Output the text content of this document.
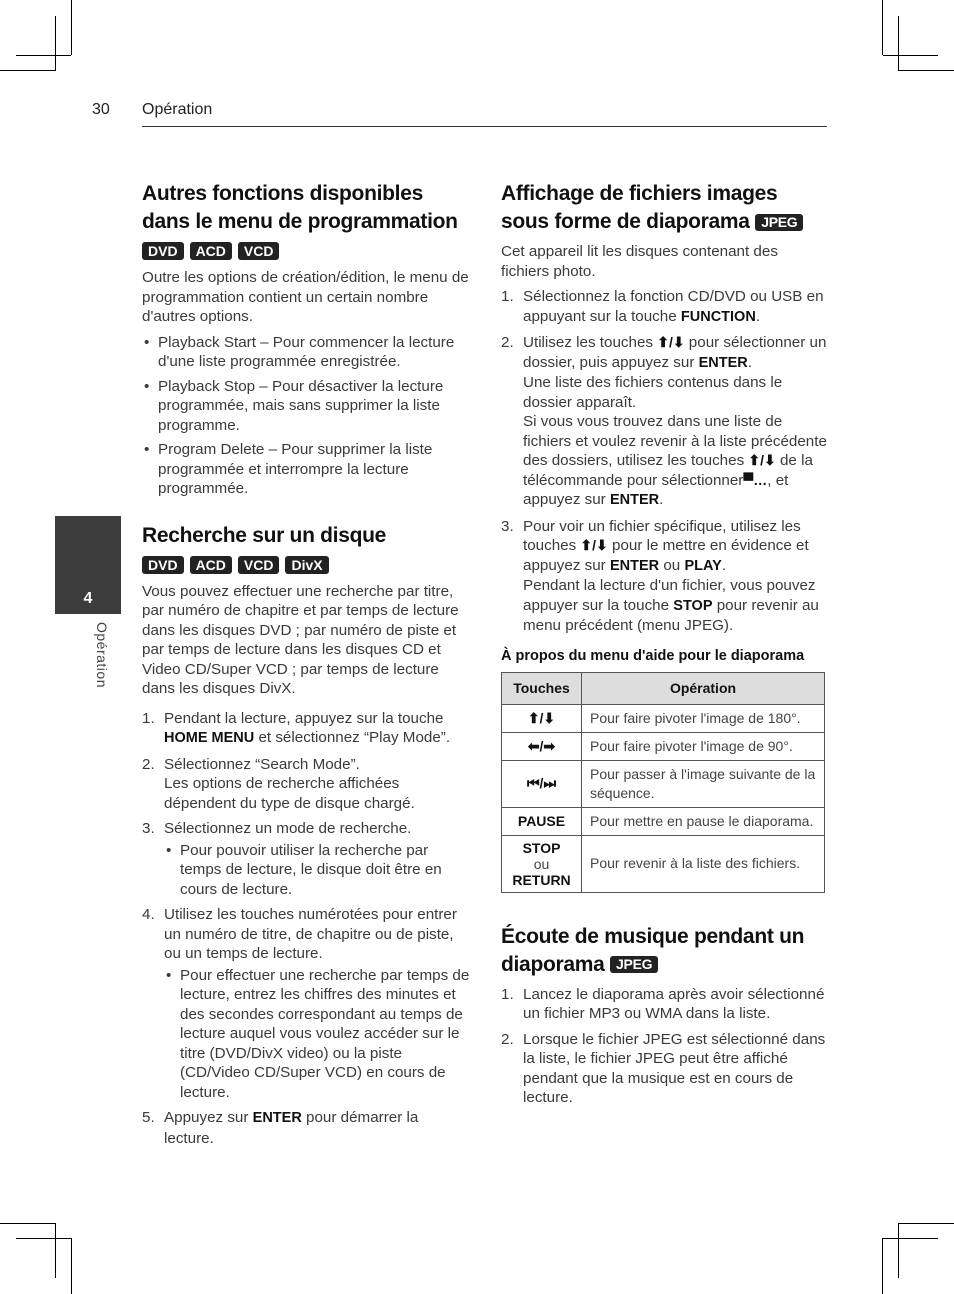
30 Opération
4
Opération
Autres fonctions disponibles dans le menu de programmation
DVD	ACD	VCD

Outre les options de création/édition, le menu de programmation contient un certain nombre d'autres options.

• Playback Start – Pour commencer la lecture d'une liste programmée enregistrée.
• Playback Stop – Pour désactiver la lecture programmée, mais sans supprimer la liste programme.
• Program Delete – Pour supprimer la liste programmée et interrompre la lecture programmée.
Recherche sur un disque
DVD	ACD	VCD	DivX

Vous pouvez effectuer une recherche par titre, par numéro de chapitre et par temps de lecture dans les disques DVD ; par numéro de piste et par temps de lecture dans les disques CD et Video CD/Super VCD ; par temps de lecture dans les disques DivX.

1. Pendant la lecture, appuyez sur la touche HOME MENU et sélectionnez “Play Mode”.
2. Sélectionnez “Search Mode”.

Les options de recherche affichées dépendent du type de disque chargé.

3. Sélectionnez un mode de recherche.

• Pour pouvoir utiliser la recherche par temps de lecture, le disque doit être en cours de lecture.
4. Utilisez les touches numérotées pour entrer un numéro de titre, de chapitre ou de piste, ou un temps de lecture.

• Pour effectuer une recherche par temps de lecture, entrez les chiffres des minutes et des secondes correspondant au temps de lecture auquel vous voulez accéder sur le titre (DVD/DivX video) ou la piste (CD/Video CD/Super VCD) en cours de lecture.
5. Appuyez sur ENTER pour démarrer la lecture.
Affichage de fichiers images sous forme de diaporama JPEG

Cet appareil lit les disques contenant des fichiers photo.

1. Sélectionnez la fonction CD/DVD ou USB en appuyant sur la touche FUNCTION.
2. Utilisez les touches ⬆/⬇ pour sélectionner un dossier, puis appuyez sur ENTER.

Une liste des fichiers contenus dans le dossier apparaît.

Si vous vous trouvez dans une liste de fichiers et voulez revenir à la liste précédente des dossiers, utilisez les touches ⬆/⬇ de la télécommande pour sélectionner▀…, et appuyez sur ENTER.

3. Pour voir un fichier spécifique, utilisez les touches ⬆/⬇ pour le mettre en évidence et appuyez sur ENTER ou PLAY.

Pendant la lecture d'un fichier, vous pouvez appuyer sur la touche STOP pour revenir au menu précédent (menu JPEG).

À propos du menu d'aide pour le diaporama
Touches	Opération
⬆/⬇	Pour faire pivoter l'image de 180°.
⬅/➡	Pour faire pivoter l'image de 90°.
⏮/⏭	Pour passer à l'image suivante de la séquence.
PAUSE	Pour mettre en pause le diaporama.
STOP
ou
RETURN	Pour revenir à la liste des fichiers.
Écoute de musique pendant un diaporama JPEG
1. Lancez le diaporama après avoir sélectionné un fichier MP3 ou WMA dans la liste.
2. Lorsque le fichier JPEG est sélectionné dans la liste, le fichier JPEG peut être affiché pendant que la musique est en cours de lecture.
